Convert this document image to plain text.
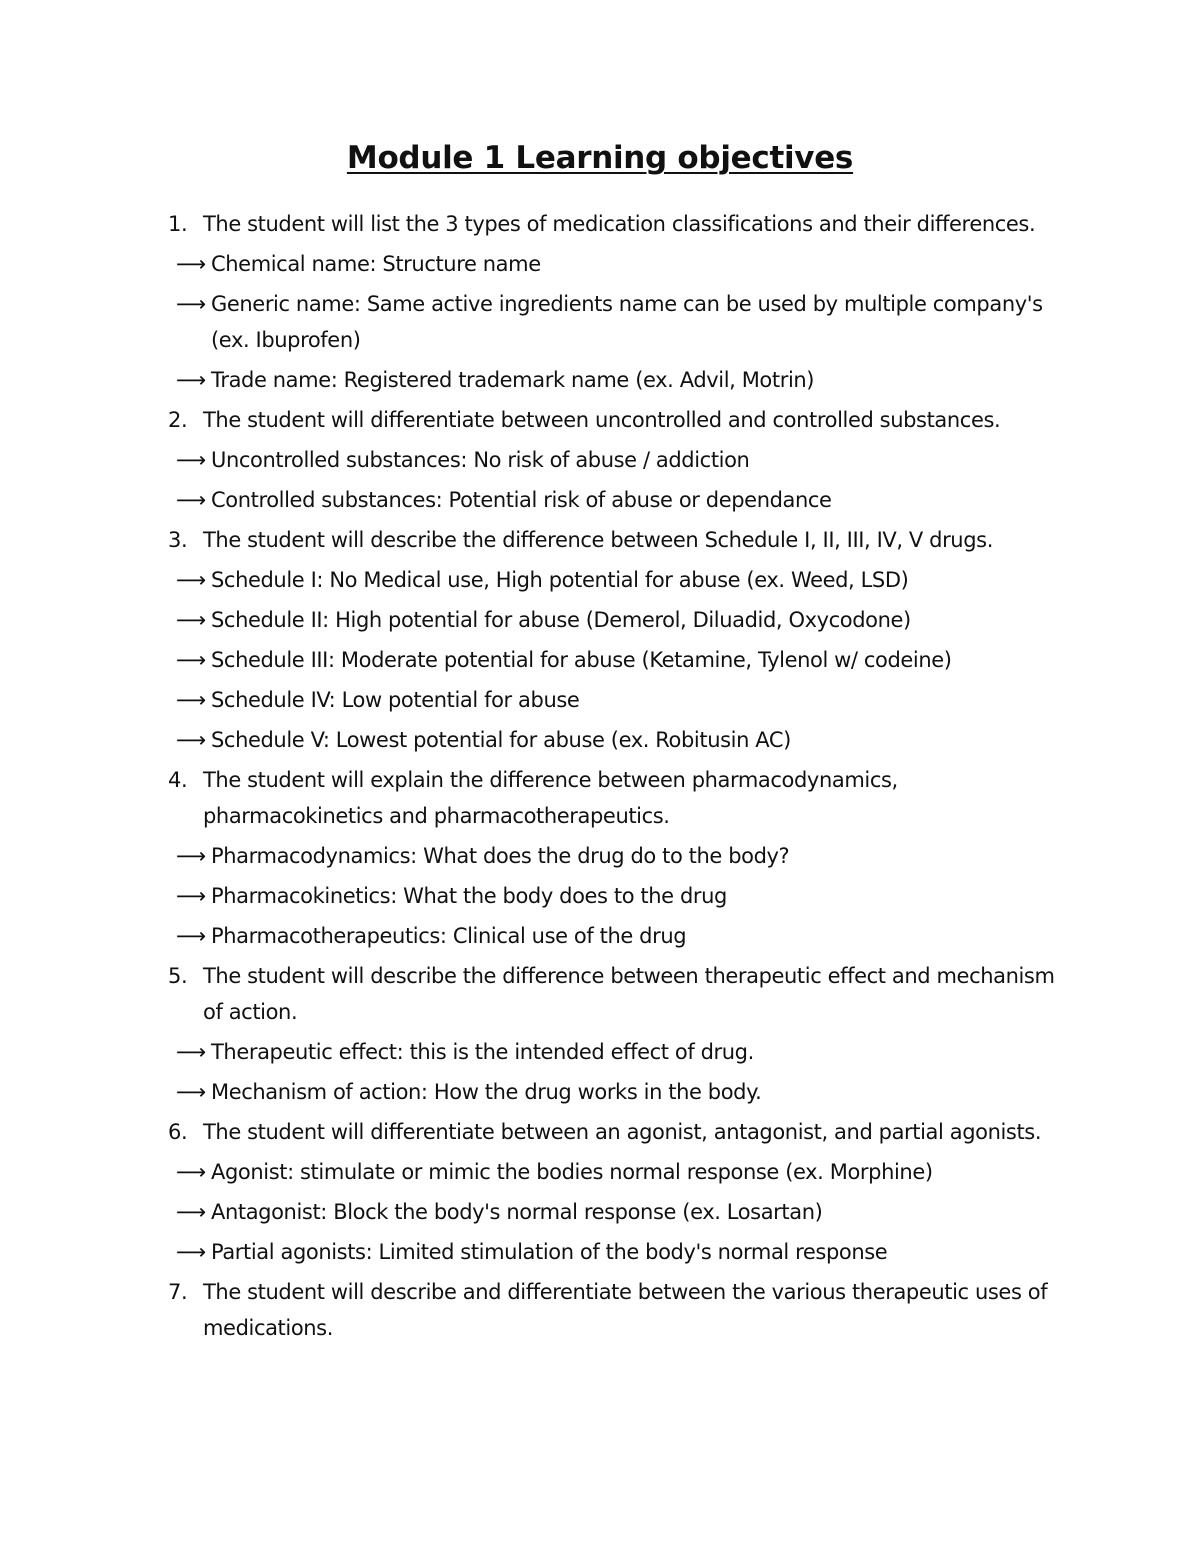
Module 1 Learning objectives
1. The student will list the 3 types of medication classifications and their differences.
⟶ Chemical name: Structure name
⟶ Generic name: Same active ingredients name can be used by multiple company's (ex. Ibuprofen)
⟶ Trade name: Registered trademark name (ex. Advil, Motrin)
2. The student will differentiate between uncontrolled and controlled substances.
⟶ Uncontrolled substances: No risk of abuse / addiction
⟶ Controlled substances: Potential risk of abuse or dependance
3. The student will describe the difference between Schedule I, II, III, IV, V drugs.
⟶ Schedule I: No Medical use, High potential for abuse (ex. Weed, LSD)
⟶ Schedule II: High potential for abuse (Demerol, Diluadid, Oxycodone)
⟶ Schedule III: Moderate potential for abuse (Ketamine, Tylenol w/ codeine)
⟶ Schedule IV: Low potential for abuse
⟶ Schedule V: Lowest potential for abuse (ex. Robitusin AC)
4. The student will explain the difference between pharmacodynamics, pharmacokinetics and pharmacotherapeutics.
⟶ Pharmacodynamics: What does the drug do to the body?
⟶ Pharmacokinetics: What the body does to the drug
⟶ Pharmacotherapeutics: Clinical use of the drug
5. The student will describe the difference between therapeutic effect and mechanism of action.
⟶ Therapeutic effect: this is the intended effect of drug.
⟶ Mechanism of action: How the drug works in the body.
6. The student will differentiate between an agonist, antagonist, and partial agonists.
⟶ Agonist: stimulate or mimic the bodies normal response (ex. Morphine)
⟶ Antagonist: Block the body's normal response (ex. Losartan)
⟶ Partial agonists: Limited stimulation of the body's normal response
7. The student will describe and differentiate between the various therapeutic uses of medications.
